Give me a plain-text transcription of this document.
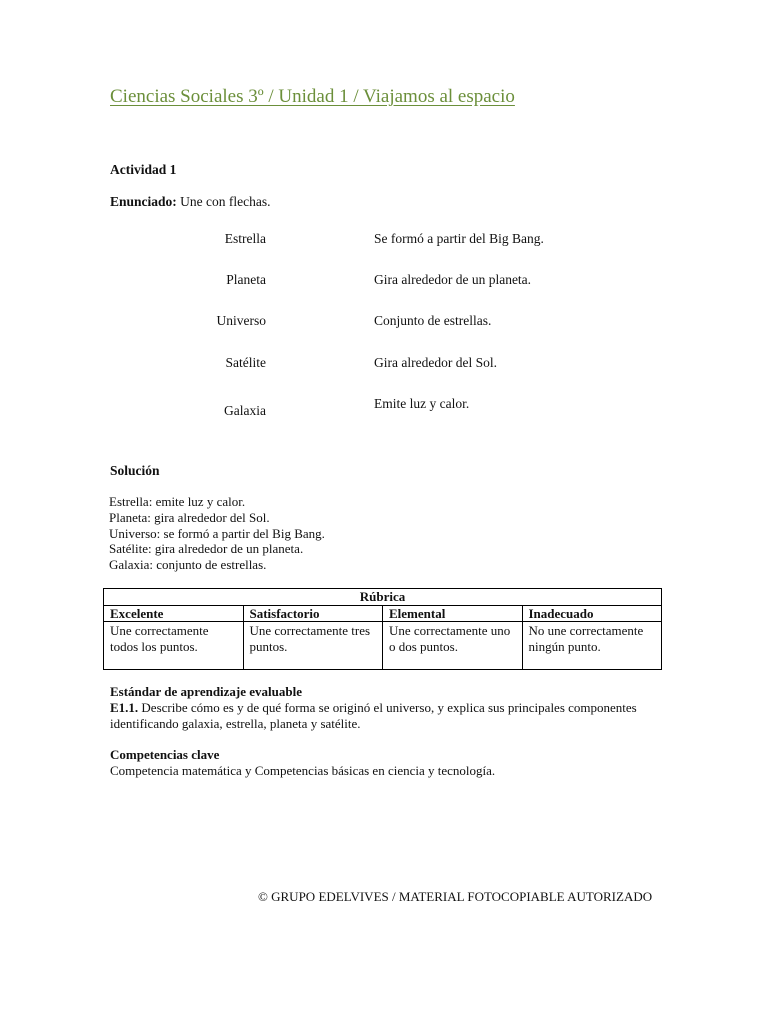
Ciencias Sociales 3º / Unidad 1 / Viajamos al espacio
Actividad 1
Enunciado: Une con flechas.
Estrella
Planeta
Universo
Satélite
Galaxia
Se formó a partir del Big Bang.
Gira alrededor de un planeta.
Conjunto de estrellas.
Gira alrededor del Sol.
Emite luz y calor.
Solución
Estrella: emite luz y calor.
Planeta: gira alrededor del Sol.
Universo: se formó a partir del Big Bang.
Satélite: gira alrededor de un planeta.
Galaxia: conjunto de estrellas.
Rúbrica			
Excelente	Satisfactorio	Elemental	Inadecuado
Une correctamente todos los puntos.	Une correctamente tres puntos.	Une correctamente uno o dos puntos.	No une correctamente ningún punto.
Estándar de aprendizaje evaluable
E1.1. Describe cómo es y de qué forma se originó el universo, y explica sus principales componentes identificando galaxia, estrella, planeta y satélite.
Competencias clave
Competencia matemática y Competencias básicas en ciencia y tecnología.
© GRUPO EDELVIVES / MATERIAL FOTOCOPIABLE AUTORIZADO
